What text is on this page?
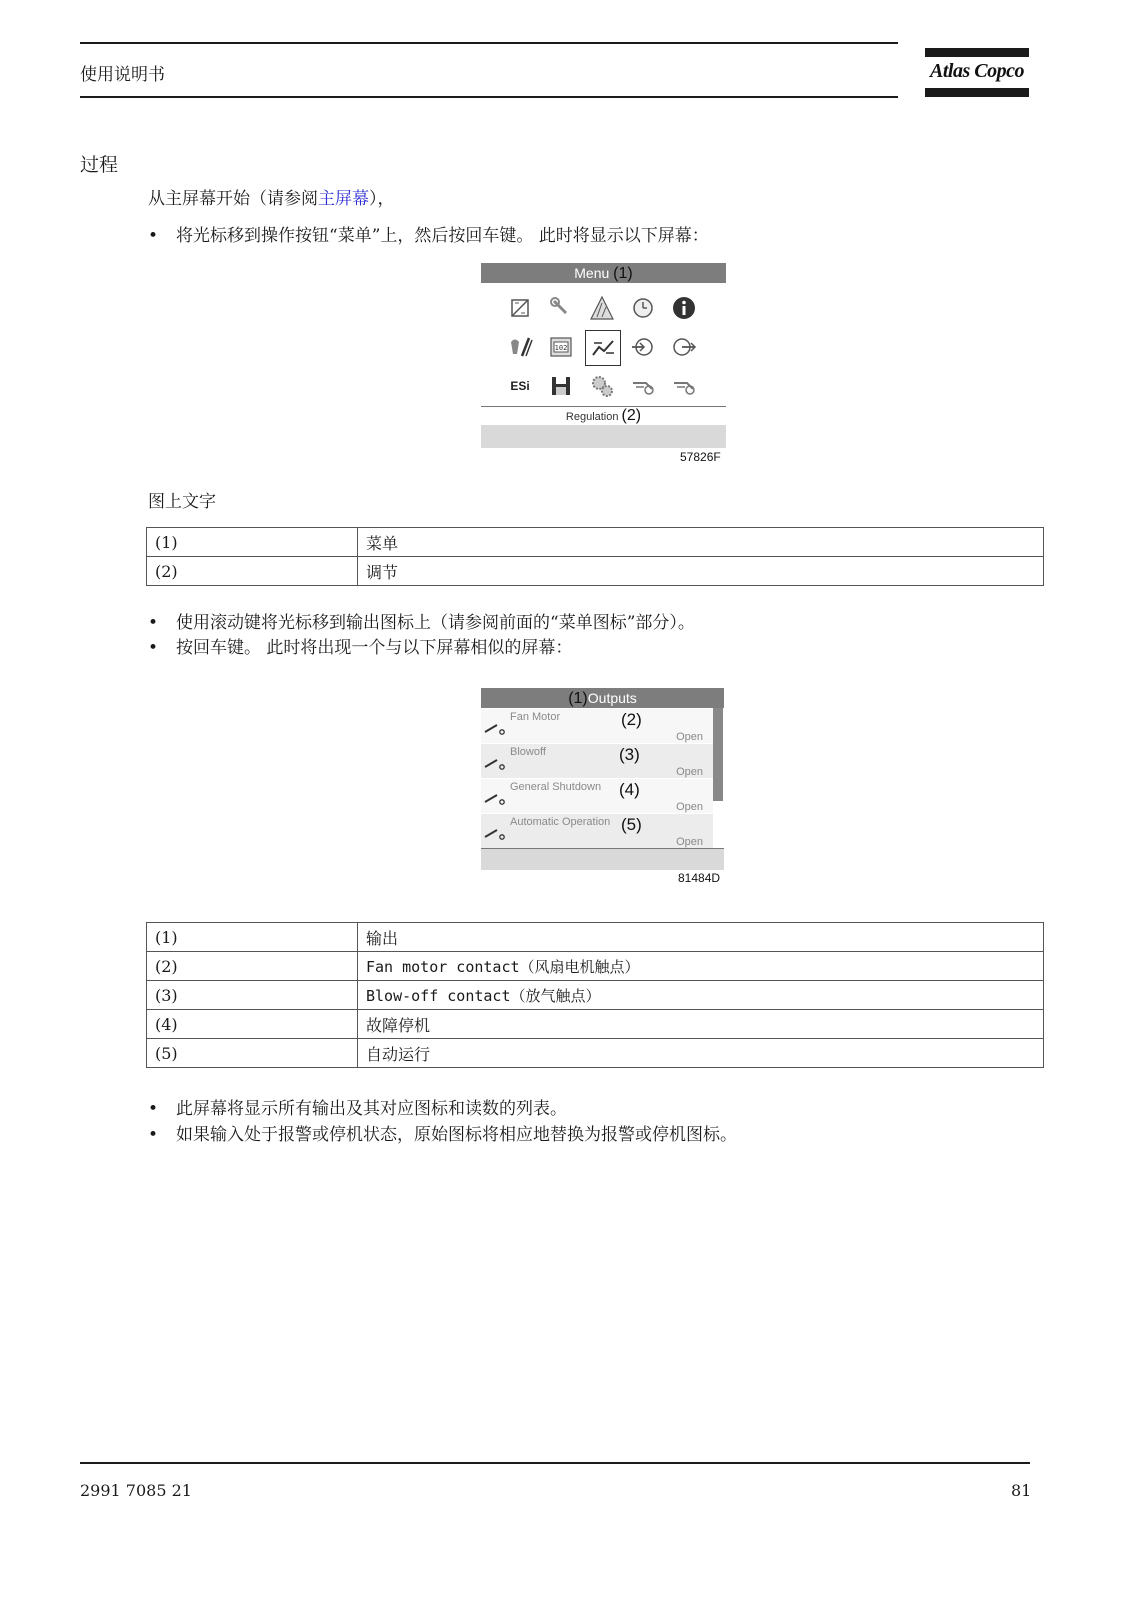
使用说明书	Atlas Copco
过程
从主屏幕开始（请参阅主屏幕），
• 将光标移到操作按钮“菜单”上，然后按回车键。 此时将显示以下屏幕：
Menu (1)
102
ESi
Regulation (2)
57826F
图上文字
(1)	菜单
(2)	调节
• 使用滚动键将光标移到输出图标上（请参阅前面的“菜单图标”部分）。
• 按回车键。 此时将出现一个与以下屏幕相似的屏幕：
(1)Outputs
Fan Motor	(2)
Open
Blowoff	(3)
Open
General Shutdown (4)
Open
Automatic Operation (5)
Open
81484D
(1)	输出
(2)	Fan motor contact（风扇电机触点）
(3)	Blow-off contact（放气触点）
(4)	故障停机
(5)	自动运行
• 此屏幕将显示所有输出及其对应图标和读数的列表。
• 如果输入处于报警或停机状态，原始图标将相应地替换为报警或停机图标。
2991 7085 21	81
